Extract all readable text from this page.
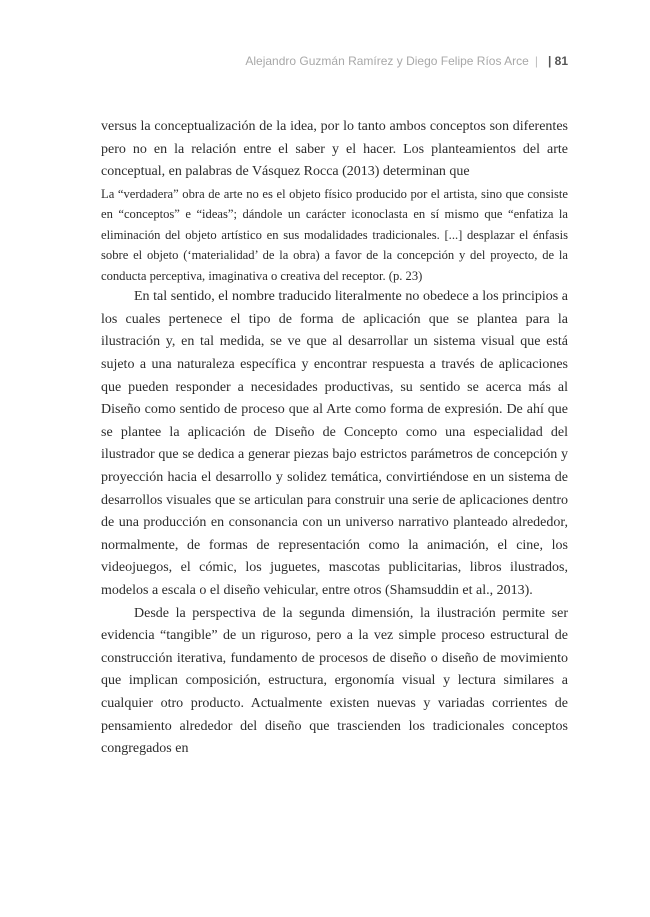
Alejandro Guzmán Ramírez y Diego Felipe Ríos Arce | | 81

versus la conceptualización de la idea, por lo tanto ambos conceptos son diferentes pero no en la relación entre el saber y el hacer. Los planteamientos del arte conceptual, en palabras de Vásquez Rocca (2013) determinan que

La “verdadera” obra de arte no es el objeto físico producido por el artista, sino que consiste en “conceptos” e “ideas”; dándole un carácter iconoclasta en sí mismo que “enfatiza la eliminación del objeto artístico en sus modalidades tradicionales. [...] desplazar el énfasis sobre el objeto (‘materialidad’ de la obra) a favor de la concepción y del proyecto, de la conducta perceptiva, imaginativa o creativa del receptor. (p. 23)

En tal sentido, el nombre traducido literalmente no obedece a los principios a los cuales pertenece el tipo de forma de aplicación que se plantea para la ilustración y, en tal medida, se ve que al desarrollar un sistema visual que está sujeto a una naturaleza específica y encontrar respuesta a través de aplicaciones que pueden responder a necesidades productivas, su sentido se acerca más al Diseño como sentido de proceso que al Arte como forma de expresión. De ahí que se plantee la aplicación de Diseño de Concepto como una especialidad del ilustrador que se dedica a generar piezas bajo estrictos parámetros de concepción y proyección hacia el desarrollo y solidez temática, convirtiéndose en un sistema de desarrollos visuales que se articulan para construir una serie de aplicaciones dentro de una producción en consonancia con un universo narrativo planteado alrededor, normalmente, de formas de representación como la animación, el cine, los videojuegos, el cómic, los juguetes, mascotas publicitarias, libros ilustrados, modelos a escala o el diseño vehicular, entre otros (Shamsuddin et al., 2013).

Desde la perspectiva de la segunda dimensión, la ilustración permite ser evidencia “tangible” de un riguroso, pero a la vez simple proceso estructural de construcción iterativa, fundamento de procesos de diseño o diseño de movimiento que implican composición, estructura, ergonomía visual y lectura similares a cualquier otro producto. Actualmente existen nuevas y variadas corrientes de pensamiento alrededor del diseño que trascienden los tradicionales conceptos congregados en
